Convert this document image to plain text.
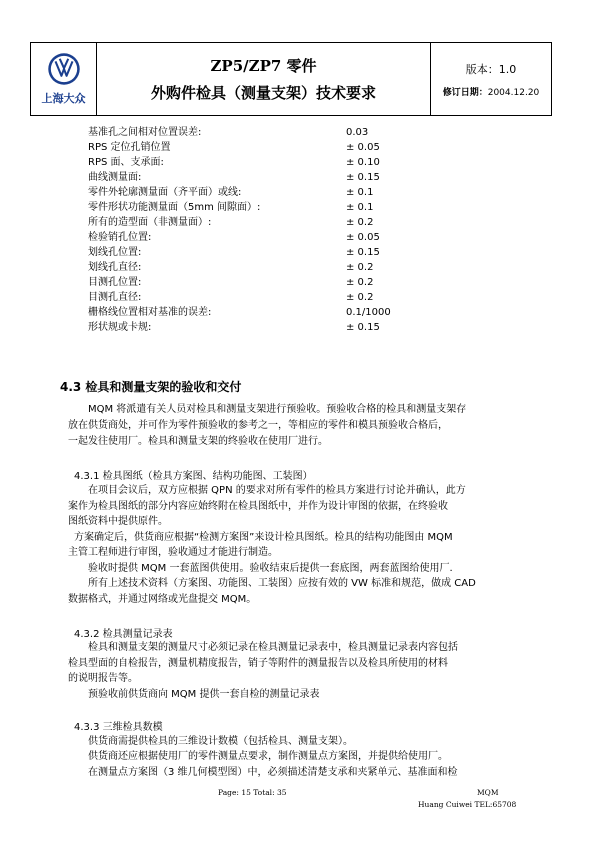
上海大众
ZP5/ZP7 零件
外购件检具（测量支架）技术要求
版本：1.0
修订日期：2004.12.20
基准孔之间相对位置误差:	0.03
RPS 定位孔销位置	± 0.05
RPS 面、支承面:	± 0.10
曲线测量面:	± 0.15
零件外轮廓测量面（齐平面）或线:	± 0.1
零件形状功能测量面（5mm 间隙面）:	± 0.1
所有的造型面（非测量面）:	± 0.2
检验销孔位置:	± 0.05
划线孔位置:	± 0.15
划线孔直径:	± 0.2
目测孔位置:	± 0.2
目测孔直径:	± 0.2
栅格线位置相对基准的误差:	0.1/1000
形状规或卡规:	± 0.15
4.3 检具和测量支架的验收和交付
MQM 将派遣有关人员对检具和测量支架进行预验收。预验收合格的检具和测量支架存
放在供货商处，并可作为零件预验收的参考之一，等相应的零件和模具预验收合格后，
一起发往使用厂。检具和测量支架的终验收在使用厂进行。
4.3.1 检具图纸（检具方案图、结构功能图、工装图）
在项目会议后，双方应根据 QPN 的要求对所有零件的检具方案进行讨论并确认，此方
案作为检具图纸的部分内容应始终附在检具图纸中，并作为设计审图的依据，在终验收
图纸资料中提供原件。
方案确定后，供货商应根据“检测方案图”来设计检具图纸。检具的结构功能图由 MQM
主管工程师进行审图，验收通过才能进行制造。
验收时提供 MQM 一套蓝图供使用。验收结束后提供一套底图，两套蓝图给使用厂.
所有上述技术资料（方案图、功能图、工装图）应按有效的 VW 标准和规范，做成 CAD
数据格式，并通过网络或光盘提交 MQM。
4.3.2 检具测量记录表
检具和测量支架的测量尺寸必须记录在检具测量记录表中，检具测量记录表内容包括
检具型面的自检报告，测量机精度报告，销子等附件的测量报告以及检具所使用的材料
的说明报告等。
预验收前供货商向 MQM 提供一套自检的测量记录表
4.3.3 三维检具数模
供货商需提供检具的三维设计数模（包括检具、测量支架）。
供货商还应根据使用厂的零件测量点要求，制作测量点方案图，并提供给使用厂。
在测量点方案图（3 维几何模型图）中，必须描述清楚支承和夹紧单元、基准面和检
Page: 15 Total: 35	MQM
Huang Cuiwei TEL:65708
